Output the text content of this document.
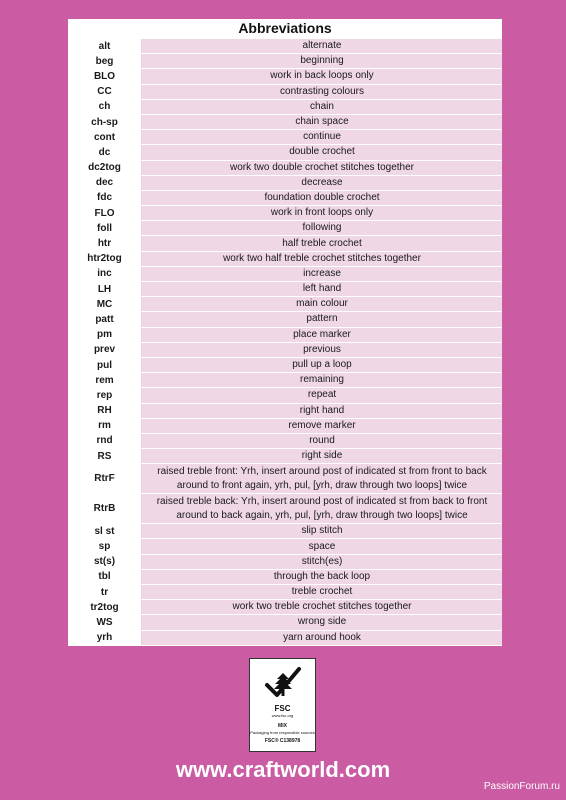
Abbreviations
alt	alternate
beg	beginning
BLO	work in back loops only
CC	contrasting colours
ch	chain
ch-sp	chain space
cont	continue
dc	double crochet
dc2tog	work two double crochet stitches together
dec	decrease
fdc	foundation double crochet
FLO	work in front loops only
foll	following
htr	half treble crochet
htr2tog	work two half treble crochet stitches together
inc	increase
LH	left hand
MC	main colour
patt	pattern
pm	place marker
prev	previous
pul	pull up a loop
rem	remaining
rep	repeat
RH	right hand
rm	remove marker
rnd	round
RS	right side
RtrF	raised treble front: Yrh, insert around post of indicated st from front to back around to front again, yrh, pul, [yrh, draw through two loops] twice
RtrB	raised treble back: Yrh, insert around post of indicated st from back to front around to back again, yrh, pul, [yrh, draw through two loops] twice
sl st	slip stitch
sp	space
st(s)	stitch(es)
tbl	through the back loop
tr	treble crochet
tr2tog	work two treble crochet stitches together
WS	wrong side
yrh	yarn around hook
FSC
www.fsc.org
MIX
Packaging from responsible sources
FSC® C138978
www.craftworld.com
PassionForum.ru
